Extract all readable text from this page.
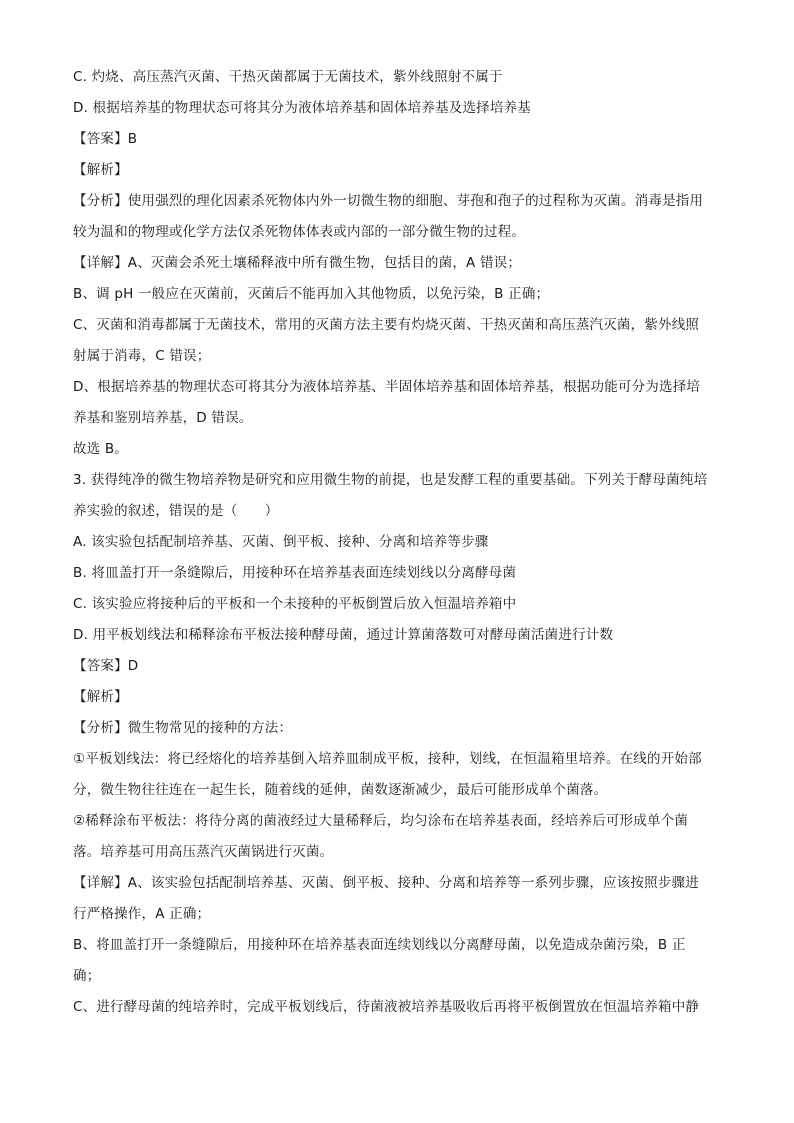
C. 灼烧、高压蒸汽灭菌、干热灭菌都属于无菌技术，紫外线照射不属于
D. 根据培养基的物理状态可将其分为液体培养基和固体培养基及选择培养基
【答案】B
【解析】
【分析】使用强烈的理化因素杀死物体内外一切微生物的细胞、芽孢和孢子的过程称为灭菌。消毒是指用
较为温和的物理或化学方法仅杀死物体体表或内部的一部分微生物的过程。
【详解】A、灭菌会杀死土壤稀释液中所有微生物，包括目的菌，A 错误；
B、调 pH 一般应在灭菌前，灭菌后不能再加入其他物质，以免污染，B 正确；
C、灭菌和消毒都属于无菌技术，常用的灭菌方法主要有灼烧灭菌、干热灭菌和高压蒸汽灭菌，紫外线照
射属于消毒，C 错误；
D、根据培养基的物理状态可将其分为液体培养基、半固体培养基和固体培养基，根据功能可分为选择培
养基和鉴别培养基，D 错误。
故选 B。
3. 获得纯净的微生物培养物是研究和应用微生物的前提，也是发酵工程的重要基础。下列关于酵母菌纯培
养实验的叙述，错误的是（　　）
A. 该实验包括配制培养基、灭菌、倒平板、接种、分离和培养等步骤
B. 将皿盖打开一条缝隙后，用接种环在培养基表面连续划线以分离酵母菌
C. 该实验应将接种后的平板和一个未接种的平板倒置后放入恒温培养箱中
D. 用平板划线法和稀释涂布平板法接种酵母菌，通过计算菌落数可对酵母菌活菌进行计数
【答案】D
【解析】
【分析】微生物常见的接种的方法：
①平板划线法：将已经熔化的培养基倒入培养皿制成平板，接种，划线，在恒温箱里培养。在线的开始部
分，微生物往往连在一起生长，随着线的延伸，菌数逐渐减少，最后可能形成单个菌落。
②稀释涂布平板法：将待分离的菌液经过大量稀释后，均匀涂布在培养基表面，经培养后可形成单个菌
落。培养基可用高压蒸汽灭菌锅进行灭菌。
【详解】A、该实验包括配制培养基、灭菌、倒平板、接种、分离和培养等一系列步骤，应该按照步骤进
行严格操作，A 正确；
B、将皿盖打开一条缝隙后，用接种环在培养基表面连续划线以分离酵母菌，以免造成杂菌污染，B 正
确；
C、进行酵母菌的纯培养时，完成平板划线后，待菌液被培养基吸收后再将平板倒置放在恒温培养箱中静
